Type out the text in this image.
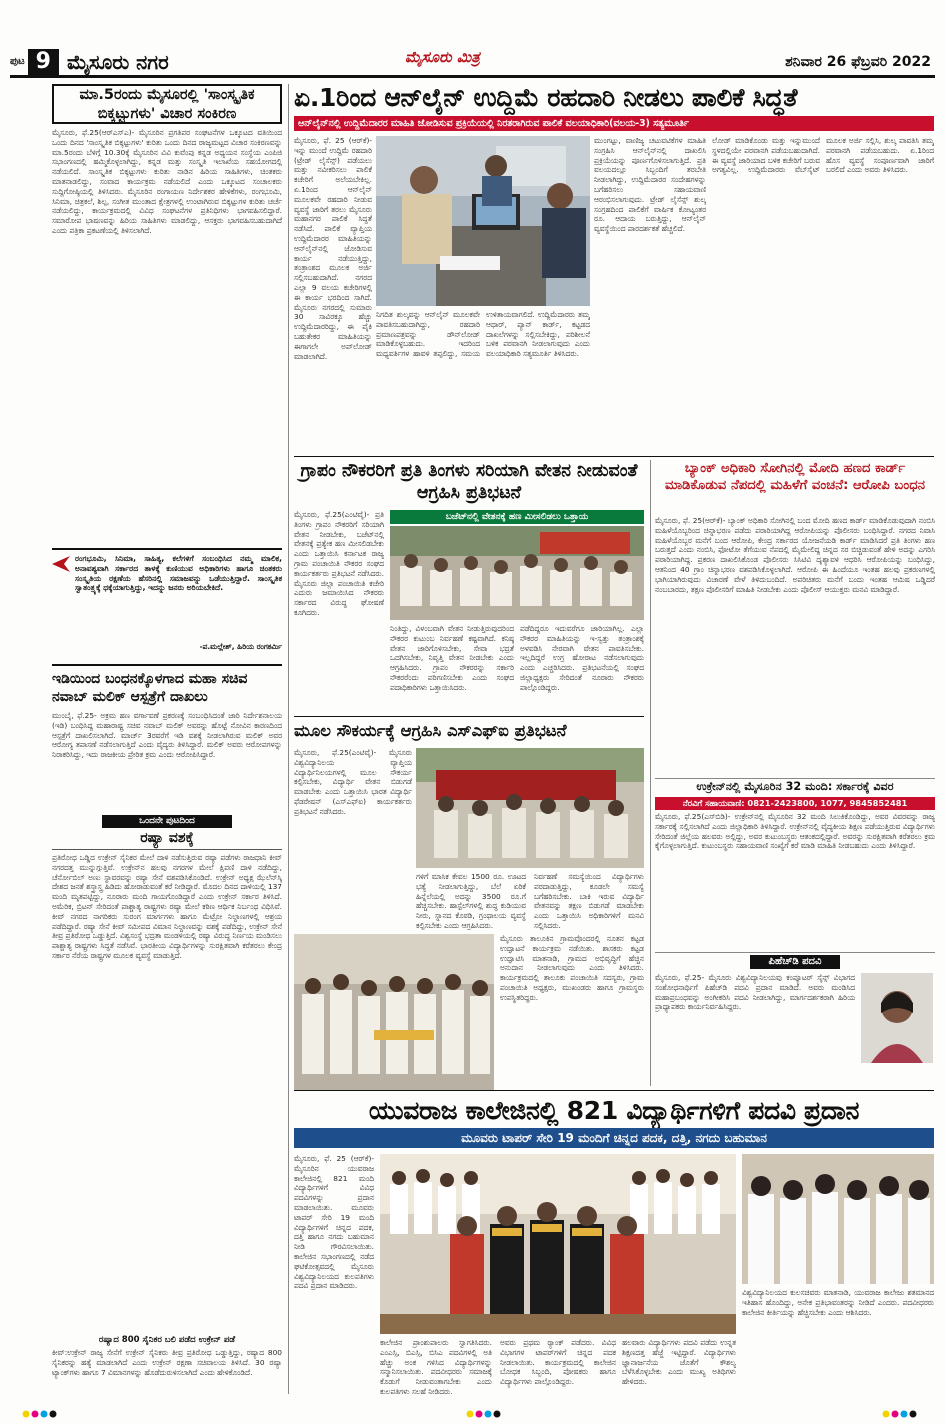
ಪುಟ 9 ಮೈಸೂರು ನಗರ	ಮೈಸೂರು ಮಿತ್ರ	ಶನಿವಾರ 26 ಫೆಬ್ರವರಿ 2022
ಮಾ.5ರಂದು ಮೈಸೂರಲ್ಲಿ 'ಸಾಂಸ್ಕೃತಿಕ ಬಿಕ್ಕಟ್ಟುಗಳು' ವಿಚಾರ ಸಂಕಿರಣ
ಮೈಸೂರು, ಫೆ.25(ಆರ್‌ಎಸ್‌ಎ)- ಮೈಸೂರಿನ ಪ್ರಗತಿಪರ ಸಂಘಟನೆಗಳ ಒಕ್ಕೂಟದ ವತಿಯಿಂದ ಒಂದು ದಿನದ 'ಸಾಂಸ್ಕೃತಿಕ ಬಿಕ್ಕಟ್ಟುಗಳು' ಕುರಿತು ಒಂದು ದಿನದ ರಾಜ್ಯಮಟ್ಟದ ವಿಚಾರ ಸಂಕಿರಣವನ್ನು ಮಾ.5ರಂದು ಬೆಳಿಗ್ಗೆ 10.30ಕ್ಕೆ ಮೈಸೂರಿನ ವಿವಿ ಕುವೆಂಪು ಕನ್ನಡ ಅಧ್ಯಯನ ಸಂಸ್ಥೆಯ ಎಂಪಿಜಿ ಸಭಾಂಗಣದಲ್ಲಿ ಹಮ್ಮಿಕೊಳ್ಳಲಾಗಿದ್ದು, ಕನ್ನಡ ಮತ್ತು ಸಂಸ್ಕೃತಿ ಇಲಾಖೆಯ ಸಹಯೋಗದಲ್ಲಿ ನಡೆಯಲಿದೆ. ಸಾಂಸ್ಕೃತಿಕ ಬಿಕ್ಕಟ್ಟುಗಳು ಕುರಿತು ನಾಡಿನ ಹಿರಿಯ ಸಾಹಿತಿಗಳು, ಚಿಂತಕರು ಮಾತನಾಡಲಿದ್ದು, ಸಂವಾದ ಕಾರ್ಯಕ್ರಮ ನಡೆಯಲಿದೆ ಎಂದು ಒಕ್ಕೂಟದ ಸಂಚಾಲಕರು ಸುದ್ದಿಗೋಷ್ಠಿಯಲ್ಲಿ ತಿಳಿಸಿದರು. ಮೈಸೂರಿನ ರಂಗಾಯಣ ನಿರ್ದೇಶಕರ ಹೇಳಿಕೆಗಳು, ರಂಗಭೂಮಿ, ಸಿನಿಮಾ, ಚಿತ್ರಕಲೆ, ಶಿಲ್ಪ, ಸಂಗೀತ ಮುಂತಾದ ಕ್ಷೇತ್ರಗಳಲ್ಲಿ ಉಂಟಾಗಿರುವ ಬಿಕ್ಕಟ್ಟುಗಳ ಕುರಿತು ಚರ್ಚೆ ನಡೆಯಲಿದ್ದು, ಕಾರ್ಯಕ್ರಮದಲ್ಲಿ ವಿವಿಧ ಸಂಘಟನೆಗಳ ಪ್ರತಿನಿಧಿಗಳು ಭಾಗವಹಿಸಲಿದ್ದಾರೆ. ಸಮಾರೋಪ ಭಾಷಣವನ್ನು ಹಿರಿಯ ಸಾಹಿತಿಗಳು ಮಾಡಲಿದ್ದು, ಆಸಕ್ತರು ಭಾಗವಹಿಸಬಹುದಾಗಿದೆ ಎಂದು ಪತ್ರಿಕಾ ಪ್ರಕಟಣೆಯಲ್ಲಿ ತಿಳಿಸಲಾಗಿದೆ.
ರಂಗಭೂಮಿ, ಸಿನಿಮಾ, ಸಾಹಿತ್ಯ, ಕಲೆಗಳಿಗೆ ಸಂಬಂಧಿಸಿದ ನಮ್ಮ ಮಾಲಿಕ, ಅನಾವಶ್ಯವಾಗಿ ಸರ್ಕಾರದ ತಾಳಕ್ಕೆ ಕುಣಿಯುವ ಅಧಿಕಾರಿಗಳು ಹಾಗೂ ಚಿಂತಕರು ಸಂಸ್ಕೃತಿಯ ರಕ್ಷಣೆಯ ಹೆಸರಿನಲ್ಲಿ ಸಮಾಜವನ್ನು ಒಡೆಯುತ್ತಿದ್ದಾರೆ. ಸಾಂಸ್ಕೃತಿಕ ಸ್ವಾತಂತ್ರ್ಯಕ್ಕೆ ಧಕ್ಕೆಯಾಗುತ್ತಿದ್ದು, ಇದನ್ನು ಜನರು ಅರಿಯಬೇಕಿದೆ.
-ಪ.ಮಲ್ಲೇಶ್, ಹಿರಿಯ ರಂಗಕರ್ಮಿ
ಇಡಿಯಿಂದ ಬಂಧನಕ್ಕೊಳಗಾದ ಮಹಾ ಸಚಿವ ನವಾಬ್ ಮಲಿಕ್ ಆಸ್ಪತ್ರೆಗೆ ದಾಖಲು
ಮುಂಬೈ, ಫೆ.25- ಅಕ್ರಮ ಹಣ ವರ್ಗಾವಣೆ ಪ್ರಕರಣಕ್ಕೆ ಸಂಬಂಧಿಸಿದಂತೆ ಜಾರಿ ನಿರ್ದೇಶನಾಲಯ (ಇಡಿ) ಬಂಧಿಸಿದ್ದ ಮಹಾರಾಷ್ಟ್ರ ಸಚಿವ ನವಾಬ್ ಮಲಿಕ್ ಅವರನ್ನು ಹೊಟ್ಟೆ ನೋವಿನ ಕಾರಣದಿಂದ ಆಸ್ಪತ್ರೆಗೆ ದಾಖಲಿಸಲಾಗಿದೆ. ಮಾರ್ಚ್ 3ರವರೆಗೆ ಇಡಿ ವಶಕ್ಕೆ ನೀಡಲಾಗಿರುವ ಮಲಿಕ್ ಅವರ ಆರೋಗ್ಯ ತಪಾಸಣೆ ನಡೆಸಲಾಗುತ್ತಿದೆ ಎಂದು ವೈದ್ಯರು ತಿಳಿಸಿದ್ದಾರೆ. ಮಲಿಕ್ ಅವರು ಆರೋಪಗಳನ್ನು ನಿರಾಕರಿಸಿದ್ದು, ಇದು ರಾಜಕೀಯ ಪ್ರೇರಿತ ಕ್ರಮ ಎಂದು ಆರೋಪಿಸಿದ್ದಾರೆ.
ಒಂದನೇ ಪುಟದಿಂದ
ರಷ್ಯಾ ವಶಕ್ಕೆ
ಪ್ರತಿರೋಧ ಒಡ್ಡಿದ ಉಕ್ರೇನ್ ಸೈನಿಕರ ಮೇಲೆ ದಾಳಿ ನಡೆಸುತ್ತಿರುವ ರಷ್ಯಾ ಪಡೆಗಳು ರಾಜಧಾನಿ ಕೀವ್ ನಗರದತ್ತ ಮುನ್ನುಗ್ಗುತ್ತಿವೆ. ಉಕ್ರೇನ್‌ನ ಹಲವು ನಗರಗಳ ಮೇಲೆ ಕ್ಷಿಪಣಿ ದಾಳಿ ನಡೆದಿದ್ದು, ಚೆರ್ನೋಬಿಲ್ ಅಣು ಸ್ಥಾವರವನ್ನು ರಷ್ಯಾ ಸೇನೆ ವಶಪಡಿಸಿಕೊಂಡಿದೆ. ಉಕ್ರೇನ್ ಅಧ್ಯಕ್ಷ ಝೆಲೆನ್‌ಸ್ಕಿ ದೇಶದ ಜನತೆ ಶಸ್ತ್ರಾಸ್ತ್ರ ಹಿಡಿದು ಹೋರಾಡುವಂತೆ ಕರೆ ನೀಡಿದ್ದಾರೆ. ಮೊದಲ ದಿನದ ದಾಳಿಯಲ್ಲಿ 137 ಮಂದಿ ಮೃತಪಟ್ಟಿದ್ದು, ನೂರಾರು ಮಂದಿ ಗಾಯಗೊಂಡಿದ್ದಾರೆ ಎಂದು ಉಕ್ರೇನ್ ಸರ್ಕಾರ ತಿಳಿಸಿದೆ. ಅಮೆರಿಕ, ಬ್ರಿಟನ್ ಸೇರಿದಂತೆ ಪಾಶ್ಚಾತ್ಯ ರಾಷ್ಟ್ರಗಳು ರಷ್ಯಾ ಮೇಲೆ ಕಠಿಣ ಆರ್ಥಿಕ ನಿರ್ಬಂಧ ವಿಧಿಸಿವೆ. ಕೀವ್ ನಗರದ ನಾಗರಿಕರು ಸುರಂಗ ಮಾರ್ಗಗಳು ಹಾಗೂ ಮೆಟ್ರೋ ನಿಲ್ದಾಣಗಳಲ್ಲಿ ಆಶ್ರಯ ಪಡೆದಿದ್ದಾರೆ. ರಷ್ಯಾ ಸೇನೆ ಕೀವ್ ಸಮೀಪದ ವಿಮಾನ ನಿಲ್ದಾಣವನ್ನು ವಶಕ್ಕೆ ಪಡೆದಿದ್ದು, ಉಕ್ರೇನ್ ಸೇನೆ ತೀವ್ರ ಪ್ರತಿರೋಧ ಒಡ್ಡುತ್ತಿದೆ. ವಿಶ್ವಸಂಸ್ಥೆ ಭದ್ರತಾ ಮಂಡಳಿಯಲ್ಲಿ ರಷ್ಯಾ ವಿರುದ್ಧ ನಿರ್ಣಯ ಮಂಡಿಸಲು ಪಾಶ್ಚಾತ್ಯ ರಾಷ್ಟ್ರಗಳು ಸಿದ್ಧತೆ ನಡೆಸಿವೆ. ಭಾರತೀಯ ವಿದ್ಯಾರ್ಥಿಗಳನ್ನು ಸುರಕ್ಷಿತವಾಗಿ ಕರೆತರಲು ಕೇಂದ್ರ ಸರ್ಕಾರ ನೆರೆಯ ರಾಷ್ಟ್ರಗಳ ಮೂಲಕ ವ್ಯವಸ್ಥೆ ಮಾಡುತ್ತಿದೆ.
ರಷ್ಯಾದ 800 ಸೈನಿಕರ ಬಲಿ ಪಡೆದ ಉಕ್ರೇನ್ ಪಡೆ
ಕೀವ್:ಉಕ್ರೇನ್ ರಾಜ್ಯ ಸೇನೆಗೆ ಉಕ್ರೇನ್ ಸೈನಿಕರು ತೀವ್ರ ಪ್ರತಿರೋಧ ಒಡ್ಡುತ್ತಿದ್ದು, ರಷ್ಯಾದ 800 ಸೈನಿಕರನ್ನು ಹತ್ಯೆ ಮಾಡಲಾಗಿದೆ ಎಂದು ಉಕ್ರೇನ್ ರಕ್ಷಣಾ ಸಚಿವಾಲಯ ತಿಳಿಸಿದೆ. 30 ರಷ್ಯಾ ಟ್ಯಾಂಕ್‌ಗಳು ಹಾಗೂ 7 ವಿಮಾನಗಳನ್ನು ಹೊಡೆದುರುಳಿಸಲಾಗಿದೆ ಎಂದು ಹೇಳಿಕೊಂಡಿದೆ.
ಏ.1ರಿಂದ ಆನ್‌ಲೈನ್ ಉದ್ದಿಮೆ ರಹದಾರಿ ನೀಡಲು ಪಾಲಿಕೆ ಸಿದ್ಧತೆ
ಆನ್‌ಲೈನ್‌ನಲ್ಲಿ ಉದ್ದಿಮೆದಾರರ ಮಾಹಿತಿ ಜೋಡಿಸುವ ಪ್ರಕ್ರಿಯೆಯಲ್ಲಿ ನಿರತರಾಗಿರುವ ಪಾಲಿಕೆ ವಲಯಾಧಿಕಾರಿ(ವಲಯ-3) ಸತ್ಯಮೂರ್ತಿ
ಮೈಸೂರು, ಫೆ. 25 (ಆರ್‌ಕೆ)- ಇನ್ನು ಮುಂದೆ ಉದ್ದಿಮೆ ರಹದಾರಿ (ಟ್ರೇಡ್ ಲೈಸೆನ್ಸ್) ಪಡೆಯಲು ಮತ್ತು ನವೀಕರಿಸಲು ಪಾಲಿಕೆ ಕಚೇರಿಗೆ ಅಲೆಯಬೇಕಿಲ್ಲ. ಏ.1ರಿಂದ ಆನ್‌ಲೈನ್ ಮೂಲಕವೇ ರಹದಾರಿ ನೀಡುವ ವ್ಯವಸ್ಥೆ ಜಾರಿಗೆ ತರಲು ಮೈಸೂರು ಮಹಾನಗರ ಪಾಲಿಕೆ ಸಿದ್ಧತೆ ನಡೆಸಿದೆ. ಪಾಲಿಕೆ ವ್ಯಾಪ್ತಿಯ ಉದ್ದಿಮೆದಾರರ ಮಾಹಿತಿಯನ್ನು ಆನ್‌ಲೈನ್‌ನಲ್ಲಿ ಜೋಡಿಸುವ ಕಾರ್ಯ ನಡೆಯುತ್ತಿದ್ದು, ತಂತ್ರಾಂಶದ ಮೂಲಕ ಅರ್ಜಿ ಸಲ್ಲಿಸಬಹುದಾಗಿದೆ. ನಗರದ ಎಲ್ಲಾ 9 ವಲಯ ಕಚೇರಿಗಳಲ್ಲಿ ಈ ಕಾರ್ಯ ಭರದಿಂದ ಸಾಗಿದೆ. ಮೈಸೂರು ನಗರದಲ್ಲಿ ಸುಮಾರು 30 ಸಾವಿರಕ್ಕೂ ಹೆಚ್ಚು ಉದ್ದಿಮೆದಾರರಿದ್ದು, ಈ ಪೈಕಿ ಬಹುತೇಕರ ಮಾಹಿತಿಯನ್ನು ಈಗಾಗಲೇ ಅಪ್‌ಲೋಡ್ ಮಾಡಲಾಗಿದೆ.
ನಿಗದಿತ ಶುಲ್ಕವನ್ನು ಆನ್‌ಲೈನ್ ಮೂಲಕವೇ ಪಾವತಿಸಬಹುದಾಗಿದ್ದು, ರಹದಾರಿ ಪ್ರಮಾಣಪತ್ರವನ್ನು ಡೌನ್‌ಲೋಡ್ ಮಾಡಿಕೊಳ್ಳಬಹುದು. ಇದರಿಂದ ಮಧ್ಯವರ್ತಿಗಳ ಹಾವಳಿ ತಪ್ಪಲಿದ್ದು, ಸಮಯ ಉಳಿತಾಯವಾಗಲಿದೆ. ಉದ್ದಿಮೆದಾರರು ತಮ್ಮ ಆಧಾರ್, ಪ್ಯಾನ್ ಕಾರ್ಡ್, ಕಟ್ಟಡದ ದಾಖಲೆಗಳನ್ನು ಸಲ್ಲಿಸಬೇಕಿದ್ದು, ಪರಿಶೀಲನೆ ಬಳಿಕ ಪರವಾನಗಿ ನೀಡಲಾಗುವುದು ಎಂದು ವಲಯಾಧಿಕಾರಿ ಸತ್ಯಮೂರ್ತಿ ತಿಳಿಸಿದರು.
ಮುಂಗಟ್ಟು, ವಾಣಿಜ್ಯ ಚಟುವಟಿಕೆಗಳ ಮಾಹಿತಿ ಸಂಗ್ರಹಿಸಿ ಆನ್‌ಲೈನ್‌ನಲ್ಲಿ ದಾಖಲಿಸಿ ಪ್ರಕ್ರಿಯೆಯನ್ನು ಪೂರ್ಣಗೊಳಿಸಲಾಗುತ್ತಿದೆ. ಪ್ರತಿ ವಲಯದಲ್ಲೂ ಸಿಬ್ಬಂದಿಗೆ ತರಬೇತಿ ನೀಡಲಾಗಿದ್ದು, ಉದ್ದಿಮೆದಾರರ ಸಂದೇಹಗಳನ್ನು ಬಗೆಹರಿಸಲು ಸಹಾಯವಾಣಿ ಆರಂಭಿಸಲಾಗುವುದು. ಟ್ರೇಡ್ ಲೈಸೆನ್ಸ್ ಶುಲ್ಕ ಸಂಗ್ರಹದಿಂದ ಪಾಲಿಕೆಗೆ ವಾರ್ಷಿಕ ಕೋಟ್ಯಂತರ ರೂ. ಆದಾಯ ಬರುತ್ತಿದ್ದು, ಆನ್‌ಲೈನ್ ವ್ಯವಸ್ಥೆಯಿಂದ ಪಾರದರ್ಶಕತೆ ಹೆಚ್ಚಲಿದೆ.
ಲೋಡ್ ಮಾಡಿಕೊಂಡು ಮತ್ತು ಇನ್ನುಮುಂದೆ ಸ್ಥಳದಲ್ಲಿಯೇ ಪರವಾನಗಿ ಪಡೆಯಬಹುದಾಗಿದೆ. ಈ ವ್ಯವಸ್ಥೆ ಜಾರಿಯಾದ ಬಳಿಕ ಕಚೇರಿಗೆ ಬರುವ ಅಗತ್ಯವಿಲ್ಲ. ಉದ್ದಿಮೆದಾರರು ವೆಬ್‌ಸೈಟ್ ಮೂಲಕ ಅರ್ಜಿ ಸಲ್ಲಿಸಿ, ಶುಲ್ಕ ಪಾವತಿಸಿ ತಮ್ಮ ಪರವಾನಗಿ ಪಡೆಯಬಹುದು. ಏ.1ರಿಂದ ಹೊಸ ವ್ಯವಸ್ಥೆ ಸಂಪೂರ್ಣವಾಗಿ ಜಾರಿಗೆ ಬರಲಿದೆ ಎಂದು ಅವರು ತಿಳಿಸಿದರು.
ಗ್ರಾಪಂ ನೌಕರರಿಗೆ ಪ್ರತಿ ತಿಂಗಳು ಸರಿಯಾಗಿ ವೇತನ ನೀಡುವಂತೆ ಆಗ್ರಹಿಸಿ ಪ್ರತಿಭಟನೆ
ಮೈಸೂರು, ಫೆ.25(ಎಂಟಿವೈ)- ಪ್ರತಿ ತಿಂಗಳು ಗ್ರಾಪಂ ನೌಕರರಿಗೆ ಸರಿಯಾಗಿ ವೇತನ ನೀಡಬೇಕು, ಬಜೆಟ್‌ನಲ್ಲಿ ವೇತನಕ್ಕೆ ಪ್ರತ್ಯೇಕ ಹಣ ಮೀಸಲಿಡಬೇಕು ಎಂದು ಒತ್ತಾಯಿಸಿ ಕರ್ನಾಟಕ ರಾಜ್ಯ ಗ್ರಾಮ ಪಂಚಾಯಿತಿ ನೌಕರರ ಸಂಘದ ಕಾರ್ಯಕರ್ತರು ಪ್ರತಿಭಟನೆ ನಡೆಸಿದರು. ಮೈಸೂರು ಜಿಲ್ಲಾ ಪಂಚಾಯಿತಿ ಕಚೇರಿ ಎದುರು ಜಮಾಯಿಸಿದ ನೌಕರರು ಸರ್ಕಾರದ ವಿರುದ್ಧ ಘೋಷಣೆ ಕೂಗಿದರು.
ಬಜೆಟ್‌ನಲ್ಲಿ ವೇತನಕ್ಕೆ ಹಣ ಮೀಸಲಿಡಲು ಒತ್ತಾಯ
ನಿಂತಿದ್ದು, ವಿಳಂಬವಾಗಿ ವೇತನ ನೀಡುತ್ತಿರುವುದರಿಂದ ನೌಕರರ ಕುಟುಂಬ ನಿರ್ವಹಣೆ ಕಷ್ಟವಾಗಿದೆ. ಕನಿಷ್ಠ ವೇತನ ಜಾರಿಗೊಳಿಸಬೇಕು, ಸೇವಾ ಭದ್ರತೆ ಒದಗಿಸಬೇಕು, ನಿವೃತ್ತಿ ವೇತನ ನೀಡಬೇಕು ಎಂದು ಆಗ್ರಹಿಸಿದರು. ಗ್ರಾಪಂ ನೌಕರರನ್ನು ಸರ್ಕಾರಿ ನೌಕರರೆಂದು ಪರಿಗಣಿಸಬೇಕು ಎಂದು ಸಂಘದ ಪದಾಧಿಕಾರಿಗಳು ಒತ್ತಾಯಿಸಿದರು.
ಪಡೆದಿದ್ದರೂ ಇದುವರೆಗೂ ಜಾರಿಯಾಗಿಲ್ಲ. ಎಲ್ಲಾ ನೌಕರರ ಮಾಹಿತಿಯನ್ನು ಇ-ಸ್ವತ್ತು ತಂತ್ರಾಂಶಕ್ಕೆ ಅಳವಡಿಸಿ ನೇರವಾಗಿ ವೇತನ ಪಾವತಿಸಬೇಕು. ಇಲ್ಲದಿದ್ದರೆ ಉಗ್ರ ಹೋರಾಟ ನಡೆಸಲಾಗುವುದು ಎಂದು ಎಚ್ಚರಿಸಿದರು. ಪ್ರತಿಭಟನೆಯಲ್ಲಿ ಸಂಘದ ಜಿಲ್ಲಾಧ್ಯಕ್ಷರು ಸೇರಿದಂತೆ ನೂರಾರು ನೌಕರರು ಪಾಲ್ಗೊಂಡಿದ್ದರು.
ಬ್ಯಾಂಕ್ ಅಧಿಕಾರಿ ಸೋಗಿನಲ್ಲಿ ಮೋದಿ ಹಣದ ಕಾರ್ಡ್ ಮಾಡಿಕೊಡುವ ನೆಪದಲ್ಲಿ ಮಹಿಳೆಗೆ ವಂಚನೆ: ಆರೋಪಿ ಬಂಧನ
ಮೈಸೂರು, ಫೆ. 25(ಆರ್‌ಕೆ)- ಬ್ಯಾಂಕ್ ಅಧಿಕಾರಿ ಸೋಗಿನಲ್ಲಿ ಬಂದ ಮೋದಿ ಹಣದ ಕಾರ್ಡ್ ಮಾಡಿಕೊಡುವುದಾಗಿ ನಂಬಿಸಿ ಮಹಿಳೆಯೊಬ್ಬರಿಂದ ಚಿನ್ನಾಭರಣ ಪಡೆದು ಪರಾರಿಯಾಗಿದ್ದ ಆರೋಪಿಯನ್ನು ಪೊಲೀಸರು ಬಂಧಿಸಿದ್ದಾರೆ. ನಗರದ ನಿವಾಸಿ ಮಹಿಳೆಯೊಬ್ಬರ ಮನೆಗೆ ಬಂದ ಆರೋಪಿ, ಕೇಂದ್ರ ಸರ್ಕಾರದ ಯೋಜನೆಯಡಿ ಕಾರ್ಡ್ ಮಾಡಿಸಿದರೆ ಪ್ರತಿ ತಿಂಗಳು ಹಣ ಬರುತ್ತದೆ ಎಂದು ನಂಬಿಸಿ, ಫೋಟೋ ತೆಗೆಯುವ ನೆಪದಲ್ಲಿ ಮೈಮೇಲಿದ್ದ ಚಿನ್ನದ ಸರ ಬಿಚ್ಚಿಡುವಂತೆ ಹೇಳಿ ಅದನ್ನು ಎಗರಿಸಿ ಪರಾರಿಯಾಗಿದ್ದ. ಪ್ರಕರಣ ದಾಖಲಿಸಿಕೊಂಡ ಪೊಲೀಸರು ಸಿಸಿಟಿವಿ ದೃಶ್ಯಾವಳಿ ಆಧರಿಸಿ ಆರೋಪಿಯನ್ನು ಬಂಧಿಸಿದ್ದು, ಆತನಿಂದ 40 ಗ್ರಾಂ ಚಿನ್ನಾಭರಣ ವಶಪಡಿಸಿಕೊಳ್ಳಲಾಗಿದೆ. ಆರೋಪಿ ಈ ಹಿಂದೆಯೂ ಇಂತಹ ಹಲವು ಪ್ರಕರಣಗಳಲ್ಲಿ ಭಾಗಿಯಾಗಿರುವುದು ವಿಚಾರಣೆ ವೇಳೆ ತಿಳಿದುಬಂದಿದೆ. ಅಪರಿಚಿತರು ಮನೆಗೆ ಬಂದು ಇಂತಹ ಆಮಿಷ ಒಡ್ಡಿದರೆ ನಂಬಬಾರದು, ತಕ್ಷಣ ಪೊಲೀಸರಿಗೆ ಮಾಹಿತಿ ನೀಡಬೇಕು ಎಂದು ಪೊಲೀಸ್ ಆಯುಕ್ತರು ಮನವಿ ಮಾಡಿದ್ದಾರೆ.
ಉಕ್ರೇನ್‌ನಲ್ಲಿ ಮೈಸೂರಿನ 32 ಮಂದಿ: ಸರ್ಕಾರಕ್ಕೆ ವಿವರ
ನೆರವಿಗೆ ಸಹಾಯವಾಣಿ: 0821-2423800, 1077, 9845852481
ಮೈಸೂರು, ಫೆ.25(ಎಸ್‌ಬಿಡಿ)- ಉಕ್ರೇನ್‌ನಲ್ಲಿ ಮೈಸೂರಿನ 32 ಮಂದಿ ಸಿಲುಕಿಕೊಂಡಿದ್ದು, ಅವರ ವಿವರವನ್ನು ರಾಜ್ಯ ಸರ್ಕಾರಕ್ಕೆ ಸಲ್ಲಿಸಲಾಗಿದೆ ಎಂದು ಜಿಲ್ಲಾಧಿಕಾರಿ ತಿಳಿಸಿದ್ದಾರೆ. ಉಕ್ರೇನ್‌ನಲ್ಲಿ ವೈದ್ಯಕೀಯ ಶಿಕ್ಷಣ ಪಡೆಯುತ್ತಿರುವ ವಿದ್ಯಾರ್ಥಿಗಳು ಸೇರಿದಂತೆ ಜಿಲ್ಲೆಯ ಹಲವರು ಅಲ್ಲಿದ್ದು, ಅವರ ಕುಟುಂಬಸ್ಥರು ಆತಂಕದಲ್ಲಿದ್ದಾರೆ. ಅವರನ್ನು ಸುರಕ್ಷಿತವಾಗಿ ಕರೆತರಲು ಕ್ರಮ ಕೈಗೊಳ್ಳಲಾಗುತ್ತಿದೆ. ಕುಟುಂಬಸ್ಥರು ಸಹಾಯವಾಣಿ ಸಂಖ್ಯೆಗೆ ಕರೆ ಮಾಡಿ ಮಾಹಿತಿ ನೀಡಬಹುದು ಎಂದು ತಿಳಿಸಿದ್ದಾರೆ.
ಪಿಹೆಚ್‌ಡಿ ಪದವಿ
ಮೈಸೂರು, ಫೆ.25- ಮೈಸೂರು ವಿಶ್ವವಿದ್ಯಾನಿಲಯವು ಕಂಪ್ಯೂಟರ್ ಸೈನ್ಸ್ ವಿಭಾಗದ ಸಂಶೋಧನಾರ್ಥಿಗೆ ಪಿಹೆಚ್‌ಡಿ ಪದವಿ ಪ್ರದಾನ ಮಾಡಿದೆ. ಅವರು ಮಂಡಿಸಿದ ಮಹಾಪ್ರಬಂಧವನ್ನು ಅಂಗೀಕರಿಸಿ ಪದವಿ ನೀಡಲಾಗಿದ್ದು, ಮಾರ್ಗದರ್ಶಕರಾಗಿ ಹಿರಿಯ ಪ್ರಾಧ್ಯಾಪಕರು ಕಾರ್ಯನಿರ್ವಹಿಸಿದ್ದರು.
ಮೂಲ ಸೌಕರ್ಯಕ್ಕೆ ಆಗ್ರಹಿಸಿ ಎಸ್‌ಎಫ್‌ಐ ಪ್ರತಿಭಟನೆ
ಮೈಸೂರು, ಫೆ.25(ಎಂಟಿವೈ)- ಮೈಸೂರು ವಿಶ್ವವಿದ್ಯಾನಿಲಯ ವ್ಯಾಪ್ತಿಯ ವಿದ್ಯಾರ್ಥಿನಿಲಯಗಳಲ್ಲಿ ಮೂಲ ಸೌಕರ್ಯ ಕಲ್ಪಿಸಬೇಕು, ವಿದ್ಯಾರ್ಥಿ ವೇತನ ಬಿಡುಗಡೆ ಮಾಡಬೇಕು ಎಂದು ಒತ್ತಾಯಿಸಿ ಭಾರತ ವಿದ್ಯಾರ್ಥಿ ಫೆಡರೇಷನ್ (ಎಸ್‌ಎಫ್‌ಐ) ಕಾರ್ಯಕರ್ತರು ಪ್ರತಿಭಟನೆ ನಡೆಸಿದರು.
ಗಳಿಗೆ ಮಾಸಿಕ ಕೇವಲ 1500 ರೂ. ಊಟದ ಭತ್ಯೆ ನೀಡಲಾಗುತ್ತಿದ್ದು, ಬೆಲೆ ಏರಿಕೆ ಹಿನ್ನೆಲೆಯಲ್ಲಿ ಅದನ್ನು 3500 ರೂ.ಗೆ ಹೆಚ್ಚಿಸಬೇಕು. ಹಾಸ್ಟೆಲ್‌ಗಳಲ್ಲಿ ಶುದ್ಧ ಕುಡಿಯುವ ನೀರು, ಸ್ನಾನದ ಕೊಠಡಿ, ಗ್ರಂಥಾಲಯ ವ್ಯವಸ್ಥೆ ಕಲ್ಪಿಸಬೇಕು ಎಂದು ಆಗ್ರಹಿಸಿದರು.
ನಿರ್ವಹಣೆ ಸಮಸ್ಯೆಯಿಂದ ವಿದ್ಯಾರ್ಥಿಗಳು ಪರದಾಡುತ್ತಿದ್ದು, ಕೂಡಲೇ ಸಮಸ್ಯೆ ಬಗೆಹರಿಸಬೇಕು. ಬಾಕಿ ಇರುವ ವಿದ್ಯಾರ್ಥಿ ವೇತನವನ್ನು ತಕ್ಷಣ ಬಿಡುಗಡೆ ಮಾಡಬೇಕು ಎಂದು ಒತ್ತಾಯಿಸಿ ಅಧಿಕಾರಿಗಳಿಗೆ ಮನವಿ ಸಲ್ಲಿಸಿದರು.
ಮೈಸೂರು ತಾಲೂಕಿನ ಗ್ರಾಮವೊಂದರಲ್ಲಿ ನೂತನ ಕಟ್ಟಡ ಉದ್ಘಾಟನೆ ಕಾರ್ಯಕ್ರಮ ನಡೆಯಿತು. ಶಾಸಕರು ಕಟ್ಟಡ ಉದ್ಘಾಟಿಸಿ ಮಾತನಾಡಿ, ಗ್ರಾಮದ ಅಭಿವೃದ್ಧಿಗೆ ಹೆಚ್ಚಿನ ಅನುದಾನ ನೀಡಲಾಗುವುದು ಎಂದು ತಿಳಿಸಿದರು. ಕಾರ್ಯಕ್ರಮದಲ್ಲಿ ತಾಲೂಕು ಪಂಚಾಯಿತಿ ಸದಸ್ಯರು, ಗ್ರಾಮ ಪಂಚಾಯಿತಿ ಅಧ್ಯಕ್ಷರು, ಮುಖಂಡರು ಹಾಗೂ ಗ್ರಾಮಸ್ಥರು ಉಪಸ್ಥಿತರಿದ್ದರು.
ಯುವರಾಜ ಕಾಲೇಜಿನಲ್ಲಿ 821 ವಿದ್ಯಾರ್ಥಿಗಳಿಗೆ ಪದವಿ ಪ್ರದಾನ
ಮೂವರು ಟಾಪರ್ ಸೇರಿ 19 ಮಂದಿಗೆ ಚಿನ್ನದ ಪದಕ, ದತ್ತಿ, ನಗದು ಬಹುಮಾನ
ಮೈಸೂರು, ಫೆ. 25 (ಆರ್‌ಕೆ)- ಮೈಸೂರಿನ ಯುವರಾಜ ಕಾಲೇಜಿನಲ್ಲಿ 821 ಮಂದಿ ವಿದ್ಯಾರ್ಥಿಗಳಿಗೆ ವಿವಿಧ ಪದವಿಗಳನ್ನು ಪ್ರದಾನ ಮಾಡಲಾಯಿತು. ಮೂವರು ಟಾಪರ್ ಸೇರಿ 19 ಮಂದಿ ವಿದ್ಯಾರ್ಥಿಗಳಿಗೆ ಚಿನ್ನದ ಪದಕ, ದತ್ತಿ ಹಾಗೂ ನಗದು ಬಹುಮಾನ ನೀಡಿ ಗೌರವಿಸಲಾಯಿತು. ಕಾಲೇಜಿನ ಸಭಾಂಗಣದಲ್ಲಿ ನಡೆದ ಘಟಿಕೋತ್ಸವದಲ್ಲಿ ಮೈಸೂರು ವಿಶ್ವವಿದ್ಯಾನಿಲಯದ ಕುಲಪತಿಗಳು ಪದವಿ ಪ್ರದಾನ ಮಾಡಿದರು.
ಕಾಲೇಜಿನ ಪ್ರಾಂಶುಪಾಲರು ಸ್ವಾಗತಿಸಿದರು. ಎಂಎಸ್ಸಿ, ಬಿಎಸ್ಸಿ, ಬಿಸಿಎ ಪದವಿಗಳಲ್ಲಿ ಅತಿ ಹೆಚ್ಚು ಅಂಕ ಗಳಿಸಿದ ವಿದ್ಯಾರ್ಥಿಗಳನ್ನು ಸನ್ಮಾನಿಸಲಾಯಿತು. ಪದವೀಧರರು ಸಮಾಜಕ್ಕೆ ಕೊಡುಗೆ ನೀಡುವಂತಾಗಬೇಕು ಎಂದು ಕುಲಪತಿಗಳು ಸಲಹೆ ನೀಡಿದರು.
ಅವರು ಪ್ರಥಮ ರ‍್ಯಾಂಕ್ ಪಡೆದರು. ವಿವಿಧ ವಿಭಾಗಗಳ ಟಾಪರ್‌ಗಳಿಗೆ ಚಿನ್ನದ ಪದಕ ನೀಡಲಾಯಿತು. ಕಾರ್ಯಕ್ರಮದಲ್ಲಿ ಕಾಲೇಜಿನ ಬೋಧಕ ಸಿಬ್ಬಂದಿ, ಪೋಷಕರು ಹಾಗೂ ವಿದ್ಯಾರ್ಥಿಗಳು ಪಾಲ್ಗೊಂಡಿದ್ದರು.
ಹಲವಾರು ವಿದ್ಯಾರ್ಥಿಗಳು ಪದವಿ ಪಡೆದು ಉನ್ನತ ಶಿಕ್ಷಣದತ್ತ ಹೆಜ್ಜೆ ಇಟ್ಟಿದ್ದಾರೆ. ವಿದ್ಯಾರ್ಥಿಗಳು ಜ್ಞಾನಾರ್ಜನೆಯ ಜೊತೆಗೆ ಕೌಶಲ್ಯ ಬೆಳೆಸಿಕೊಳ್ಳಬೇಕು ಎಂದು ಮುಖ್ಯ ಅತಿಥಿಗಳು ಹೇಳಿದರು.
ವಿಶ್ವವಿದ್ಯಾನಿಲಯದ ಕುಲಸಚಿವರು ಮಾತನಾಡಿ, ಯುವರಾಜ ಕಾಲೇಜು ಶತಮಾನದ ಇತಿಹಾಸ ಹೊಂದಿದ್ದು, ಅನೇಕ ಪ್ರತಿಭಾವಂತರನ್ನು ನೀಡಿದೆ ಎಂದರು. ಪದವೀಧರರು ಕಾಲೇಜಿನ ಕೀರ್ತಿಯನ್ನು ಹೆಚ್ಚಿಸಬೇಕು ಎಂದು ಆಶಿಸಿದರು.
